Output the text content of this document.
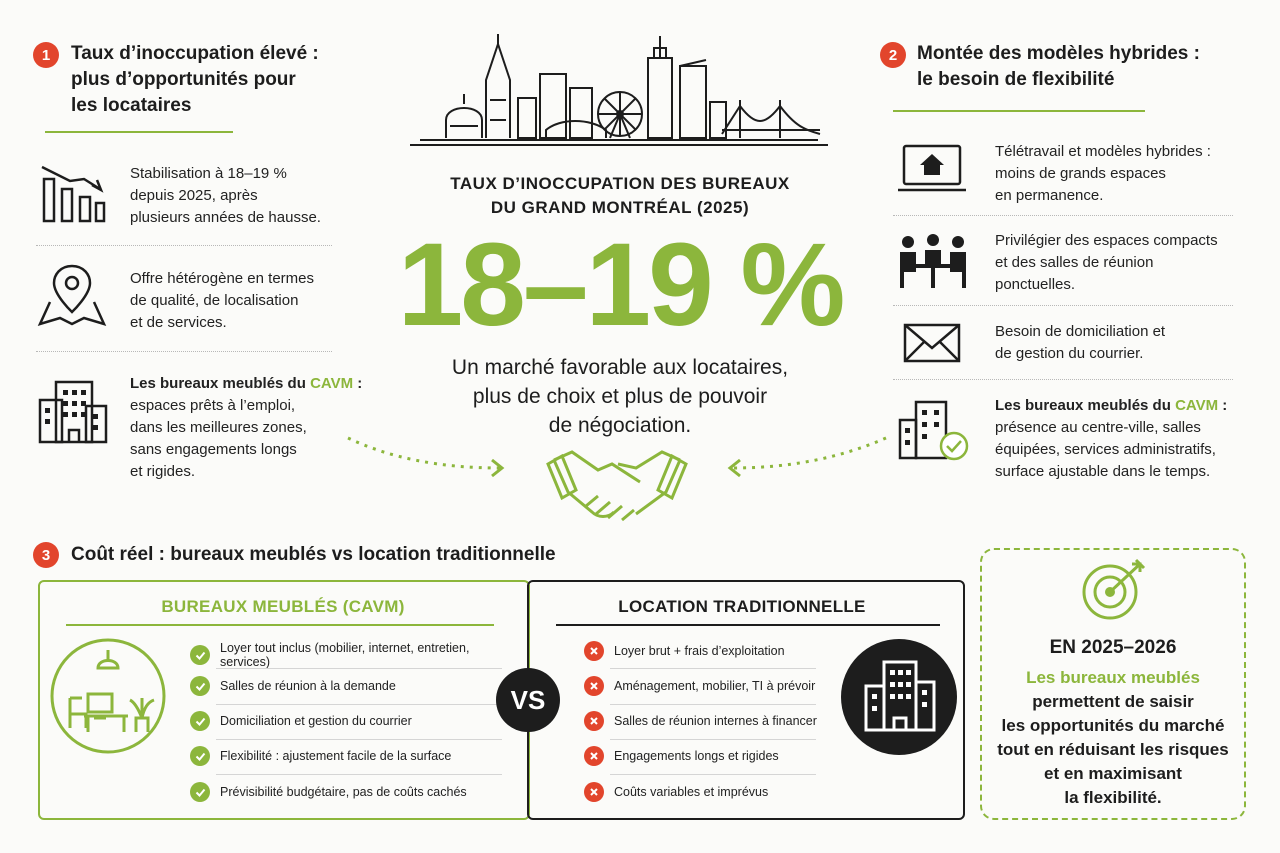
1	Taux d’inoccupation élevé :
plus d’opportunités pour
les locataires
Stabilisation à 18–19 %
depuis 2025, après
plusieurs années de hausse.
Offre hétérogène en termes
de qualité, de localisation
et de services.
Les bureaux meublés du CAVM :
espaces prêts à l’emploi,
dans les meilleures zones,
sans engagements longs
et rigides.
TAUX D’INOCCUPATION DES BUREAUX
DU GRAND MONTRÉAL (2025)
18–19 %
Un marché favorable aux locataires,
plus de choix et plus de pouvoir
de négociation.
2	Montée des modèles hybrides :
le besoin de flexibilité
Télétravail et modèles hybrides :
moins de grands espaces
en permanence.
Privilégier des espaces compacts
et des salles de réunion
ponctuelles.
Besoin de domiciliation et
de gestion du courrier.
Les bureaux meublés du CAVM :
présence au centre-ville, salles
équipées, services administratifs,
surface ajustable dans le temps.
3	Coût réel : bureaux meublés vs location traditionnelle
BUREAUX MEUBLÉS (CAVM)
Loyer tout inclus (mobilier, internet, entretien, services)
Salles de réunion à la demande
Domiciliation et gestion du courrier
Flexibilité : ajustement facile de la surface
Prévisibilité budgétaire, pas de coûts cachés
LOCATION TRADITIONNELLE
Loyer brut + frais d’exploitation
Aménagement, mobilier, TI à prévoir
Salles de réunion internes à financer
Engagements longs et rigides
Coûts variables et imprévus
VS
EN 2025–2026
Les bureaux meublés
permettent de saisir
les opportunités du marché
tout en réduisant les risques
et en maximisant
la flexibilité.
